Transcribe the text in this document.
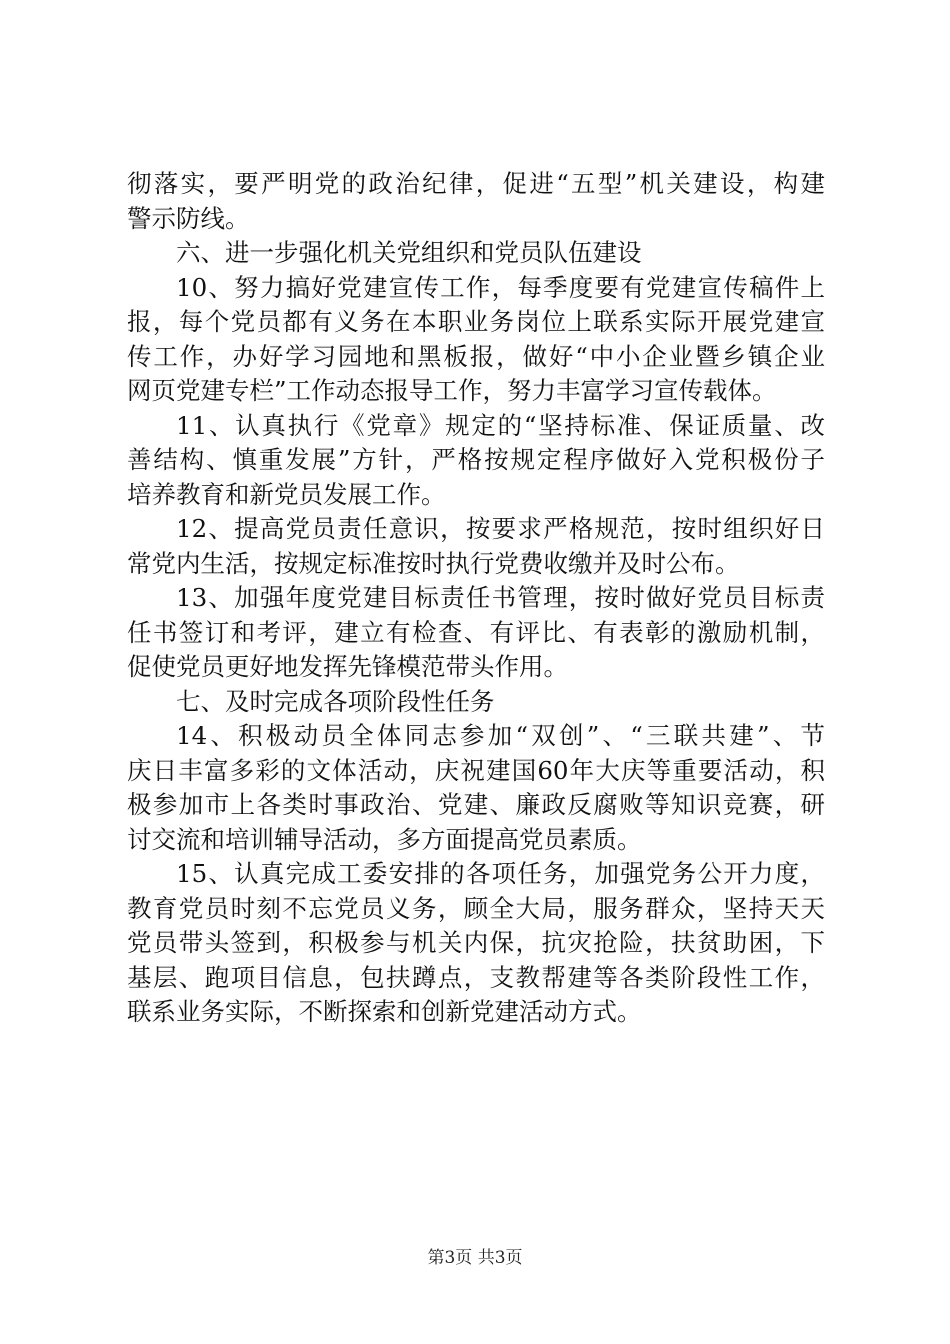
彻落实，要严明党的政治纪律，促进“五型”机关建设，构建
警示防线。
六、进一步强化机关党组织和党员队伍建设
10、努力搞好党建宣传工作，每季度要有党建宣传稿件上
报，每个党员都有义务在本职业务岗位上联系实际开展党建宣
传工作，办好学习园地和黑板报，做好“中小企业暨乡镇企业
网页党建专栏”工作动态报导工作，努力丰富学习宣传载体。
11、认真执行《党章》规定的“坚持标准、保证质量、改
善结构、慎重发展”方针，严格按规定程序做好入党积极份子
培养教育和新党员发展工作。
12、提高党员责任意识，按要求严格规范，按时组织好日
常党内生活，按规定标准按时执行党费收缴并及时公布。
13、加强年度党建目标责任书管理，按时做好党员目标责
任书签订和考评，建立有检查、有评比、有表彰的激励机制，
促使党员更好地发挥先锋模范带头作用。
七、及时完成各项阶段性任务
14、积极动员全体同志参加“双创”、“三联共建”、节
庆日丰富多彩的文体活动，庆祝建国60年大庆等重要活动，积
极参加市上各类时事政治、党建、廉政反腐败等知识竞赛，研
讨交流和培训辅导活动，多方面提高党员素质。
15、认真完成工委安排的各项任务，加强党务公开力度，
教育党员时刻不忘党员义务，顾全大局，服务群众，坚持天天
党员带头签到，积极参与机关内保，抗灾抢险，扶贫助困，下
基层、跑项目信息，包扶蹲点，支教帮建等各类阶段性工作，
联系业务实际，不断探索和创新党建活动方式。
第3页 共3页
